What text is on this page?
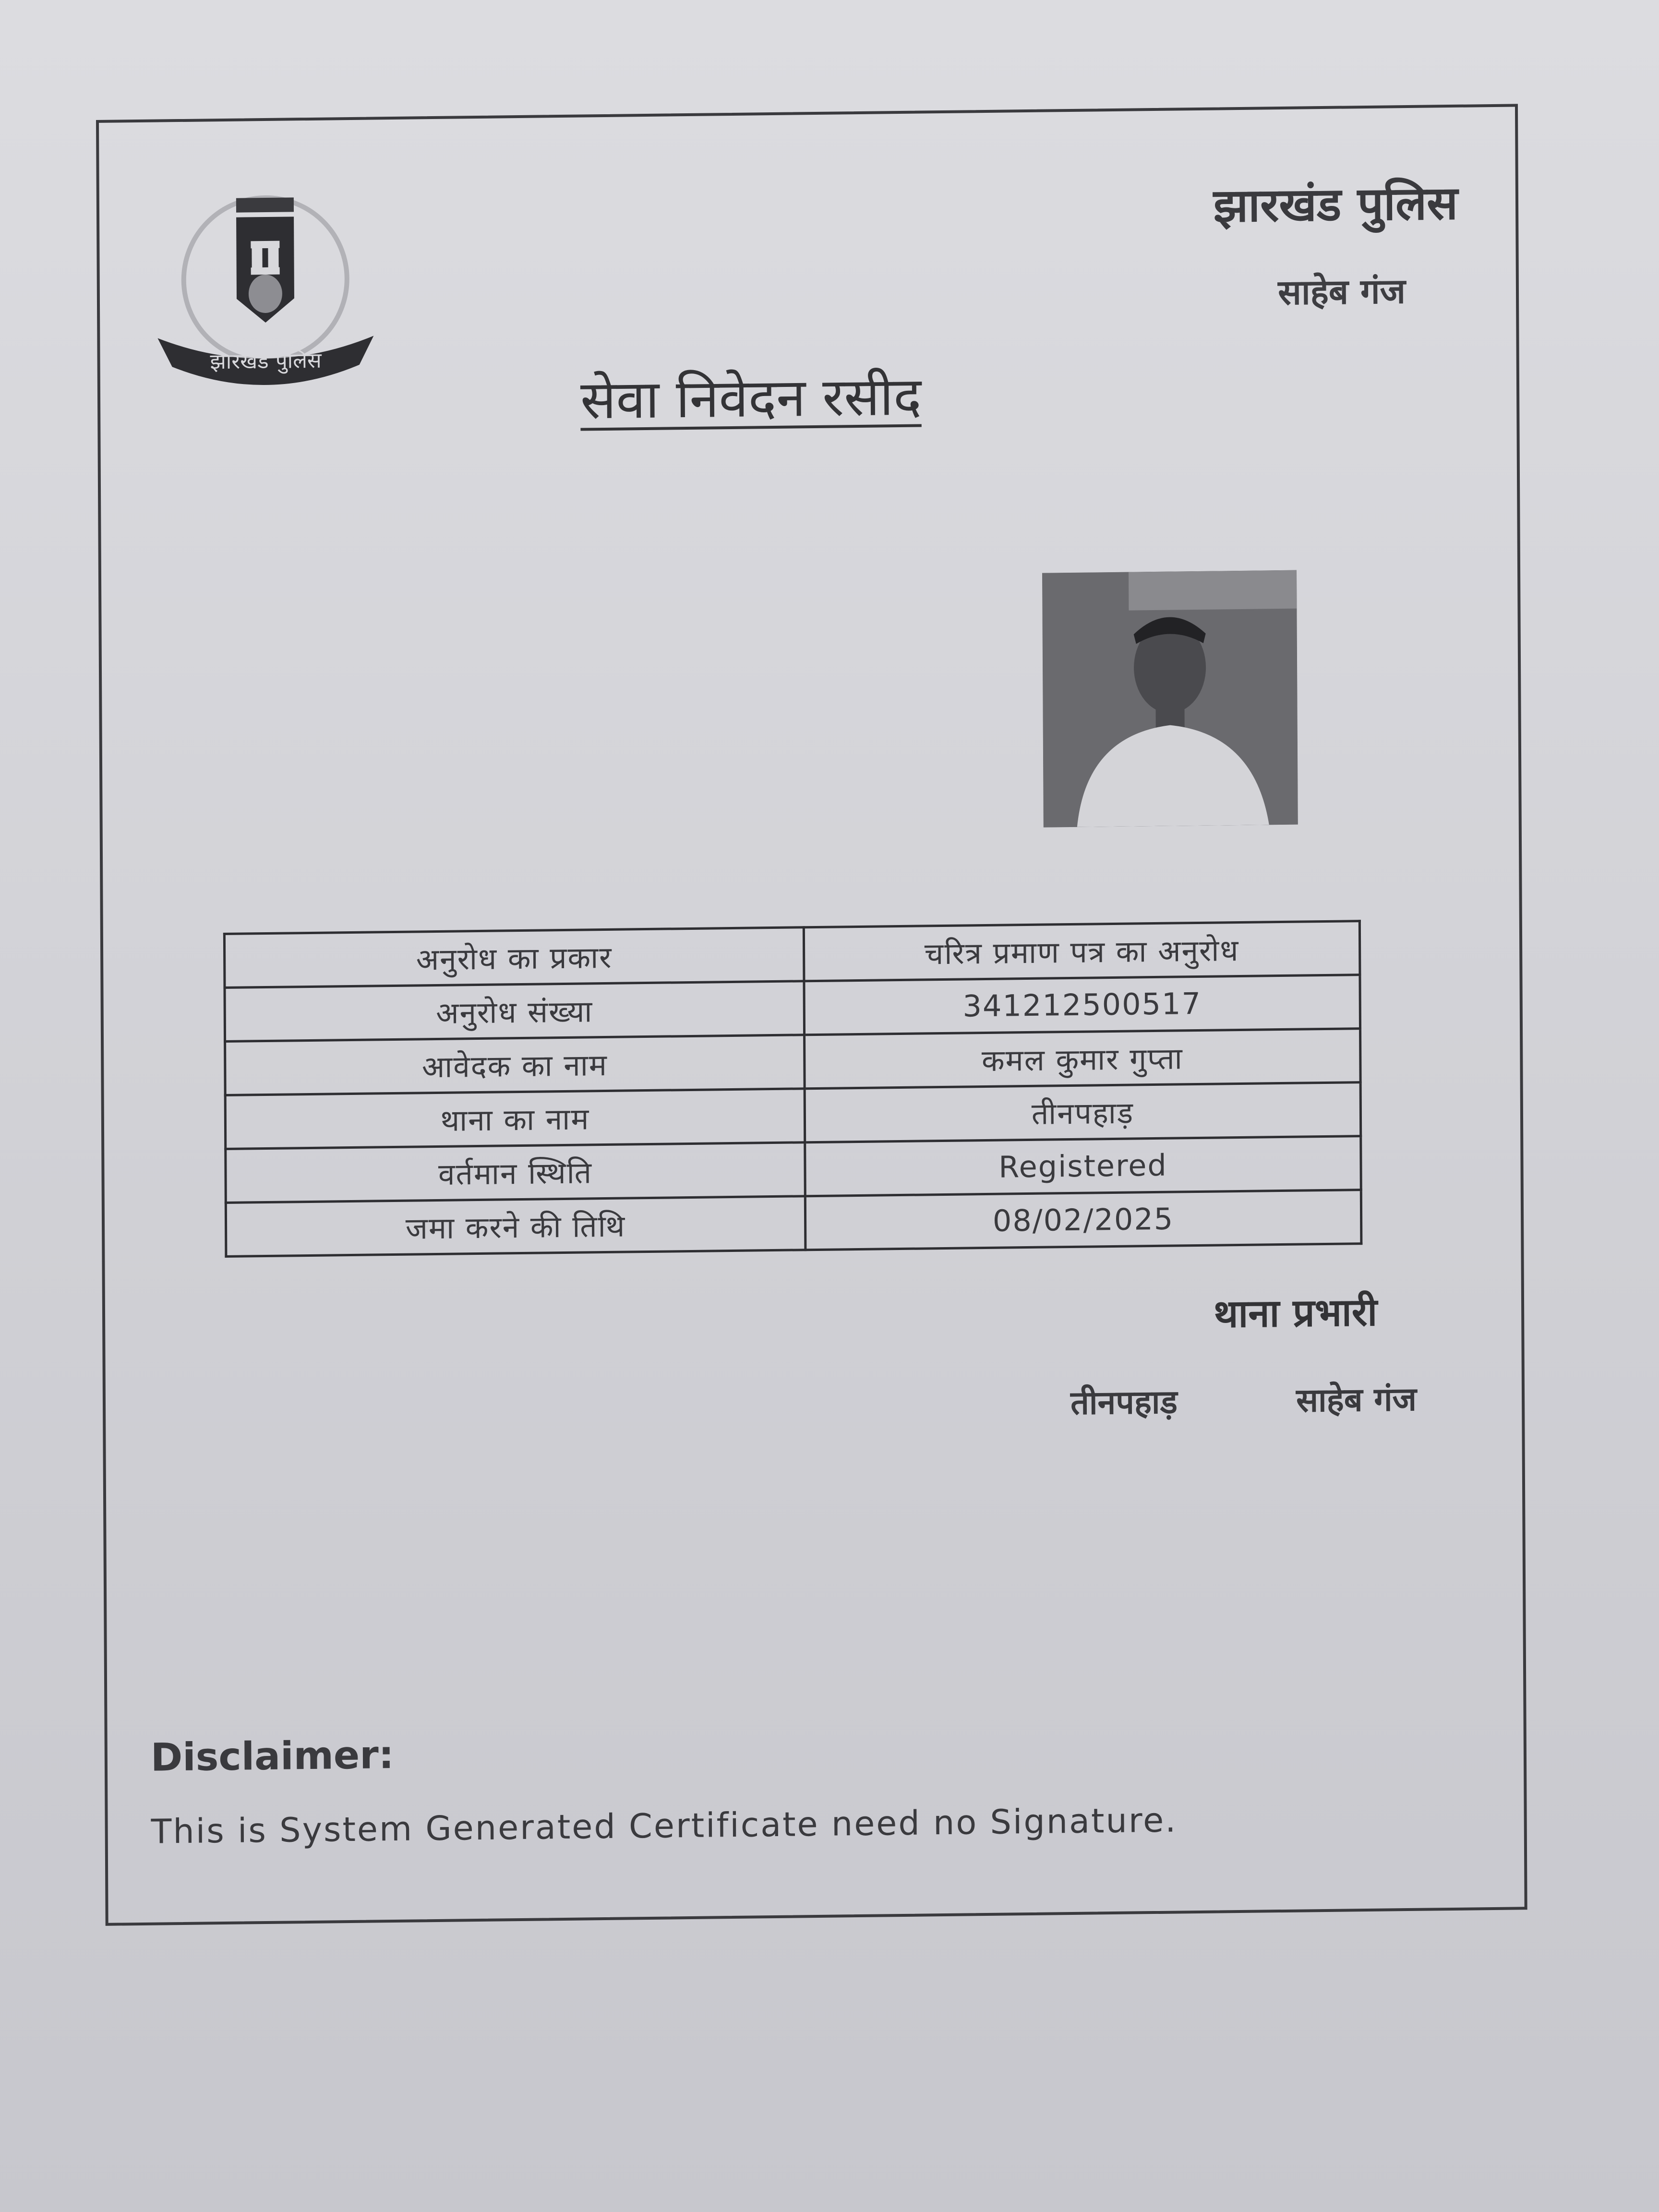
झारखंड पुलिस
झारखंड पुलिस
साहेब गंज
सेवा निवेदन रसीद
अनुरोध का प्रकार	चरित्र प्रमाण पत्र का अनुरोध
अनुरोध संख्या	341212500517
आवेदक का नाम	कमल कुमार गुप्ता
थाना का नाम	तीनपहाड़
वर्तमान स्थिति	Registered
जमा करने की तिथि	08/02/2025
थाना प्रभारी
तीनपहाड़	साहेब गंज
Disclaimer:
This is System Generated Certificate need no Signature.
